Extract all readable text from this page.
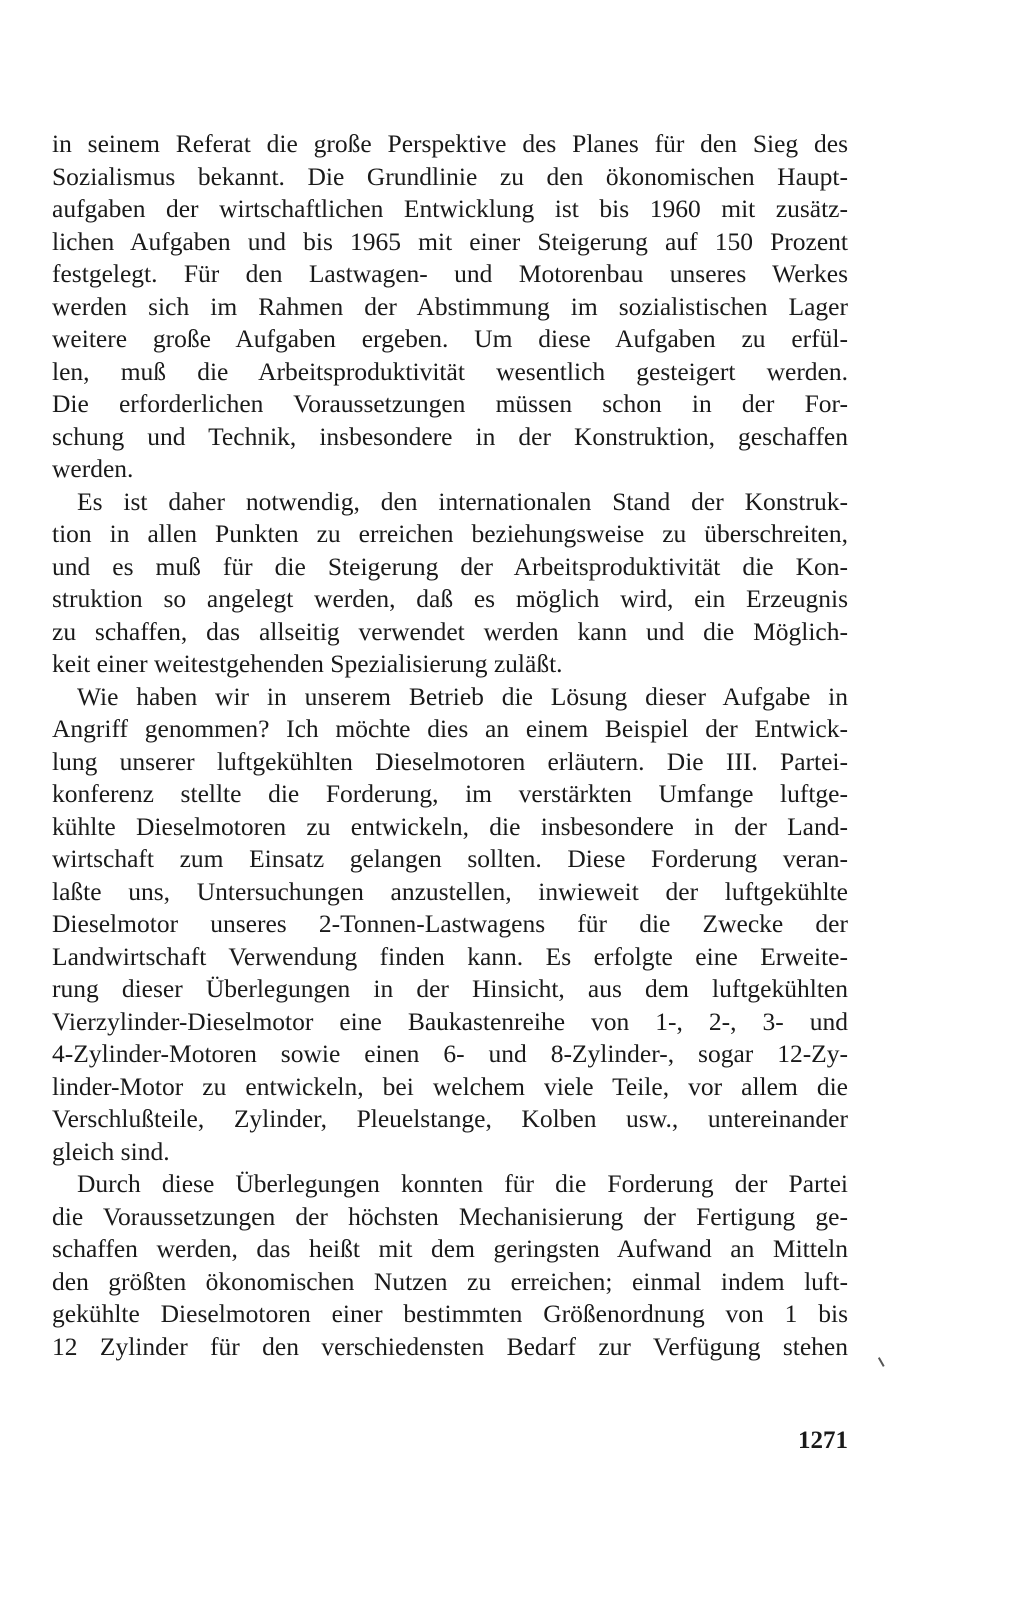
in seinem Referat die große Perspektive des Planes für den Sieg des
Sozialismus bekannt. Die Grundlinie zu den ökonomischen Haupt-
aufgaben der wirtschaftlichen Entwicklung ist bis 1960 mit zusätz-
lichen Aufgaben und bis 1965 mit einer Steigerung auf 150 Prozent
festgelegt. Für den Lastwagen- und Motorenbau unseres Werkes
werden sich im Rahmen der Abstimmung im sozialistischen Lager
weitere große Aufgaben ergeben. Um diese Aufgaben zu erfül-
len, muß die Arbeitsproduktivität wesentlich gesteigert werden.
Die erforderlichen Voraussetzungen müssen schon in der For-
schung und Technik, insbesondere in der Konstruktion, geschaffen
werden.
Es ist daher notwendig, den internationalen Stand der Konstruk-
tion in allen Punkten zu erreichen beziehungsweise zu überschreiten,
und es muß für die Steigerung der Arbeitsproduktivität die Kon-
struktion so angelegt werden, daß es möglich wird, ein Erzeugnis
zu schaffen, das allseitig verwendet werden kann und die Möglich-
keit einer weitestgehenden Spezialisierung zuläßt.
Wie haben wir in unserem Betrieb die Lösung dieser Aufgabe in
Angriff genommen? Ich möchte dies an einem Beispiel der Entwick-
lung unserer luftgekühlten Dieselmotoren erläutern. Die III. Partei-
konferenz stellte die Forderung, im verstärkten Umfange luftge-
kühlte Dieselmotoren zu entwickeln, die insbesondere in der Land-
wirtschaft zum Einsatz gelangen sollten. Diese Forderung veran-
laßte uns, Untersuchungen anzustellen, inwieweit der luftgekühlte
Dieselmotor unseres 2-Tonnen-Lastwagens für die Zwecke der
Landwirtschaft Verwendung finden kann. Es erfolgte eine Erweite-
rung dieser Überlegungen in der Hinsicht, aus dem luftgekühlten
Vierzylinder-Dieselmotor eine Baukastenreihe von 1-, 2-, 3- und
4-Zylinder-Motoren sowie einen 6- und 8-Zylinder-, sogar 12-Zy-
linder-Motor zu entwickeln, bei welchem viele Teile, vor allem die
Verschlußteile, Zylinder, Pleuelstange, Kolben usw., untereinander
gleich sind.
Durch diese Überlegungen konnten für die Forderung der Partei
die Voraussetzungen der höchsten Mechanisierung der Fertigung ge-
schaffen werden, das heißt mit dem geringsten Aufwand an Mitteln
den größten ökonomischen Nutzen zu erreichen; einmal indem luft-
gekühlte Dieselmotoren einer bestimmten Größenordnung von 1 bis
12 Zylinder für den verschiedensten Bedarf zur Verfügung stehen
1271
